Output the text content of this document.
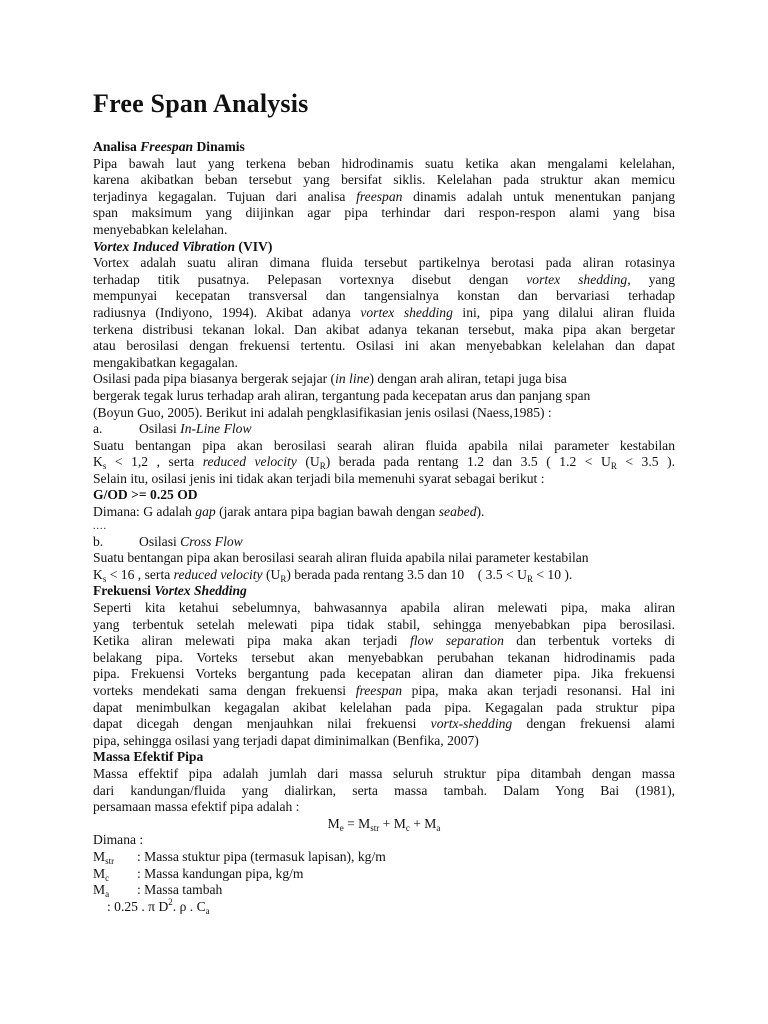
Free Span Analysis

Analisa Freespan Dinamis

Pipa bawah laut yang terkena beban hidrodinamis suatu ketika akan mengalami kelelahan,

karena akibatkan beban tersebut yang bersifat siklis. Kelelahan pada struktur akan memicu

terjadinya kegagalan. Tujuan dari analisa freespan dinamis adalah untuk menentukan panjang

span maksimum yang diijinkan agar pipa terhindar dari respon-respon alami yang bisa

menyebabkan kelelahan.

Vortex Induced Vibration (VIV)

Vortex adalah suatu aliran dimana fluida tersebut partikelnya berotasi pada aliran rotasinya

terhadap titik pusatnya. Pelepasan vortexnya disebut dengan vortex shedding, yang

mempunyai kecepatan transversal dan tangensialnya konstan dan bervariasi terhadap

radiusnya (Indiyono, 1994). Akibat adanya vortex shedding ini, pipa yang dilalui aliran fluida

terkena distribusi tekanan lokal. Dan akibat adanya tekanan tersebut, maka pipa akan bergetar

atau berosilasi dengan frekuensi tertentu. Osilasi ini akan menyebabkan kelelahan dan dapat

mengakibatkan kegagalan.

Osilasi pada pipa biasanya bergerak sejajar (in line) dengan arah aliran, tetapi juga bisa

bergerak tegak lurus terhadap arah aliran, tergantung pada kecepatan arus dan panjang span

(Boyun Guo, 2005). Berikut ini adalah pengklasifikasian jenis osilasi (Naess,1985) :

a.	Osilasi In-Line Flow

Suatu bentangan pipa akan berosilasi searah aliran fluida apabila nilai parameter kestabilan

$K_s < 1,2$ , serta reduced velocity $(U_R)$ berada pada rentang 1.2 dan 3.5 ( $1.2 < U_R < 3.5$ ).

Selain itu, osilasi jenis ini tidak akan terjadi bila memenuhi syarat sebagai berikut :

G/OD >= 0.25 OD

Dimana: G adalah gap (jarak antara pipa bagian bawah dengan seabed).

....

b.	Osilasi Cross Flow

Suatu bentangan pipa akan berosilasi searah aliran fluida apabila nilai parameter kestabilan

$K_s < 16$ , serta reduced velocity $(U_R)$ berada pada rentang 3.5 dan 10    ( $3.5 < U_R < 10$ ).

Frekuensi Vortex Shedding

Seperti kita ketahui sebelumnya, bahwasannya apabila aliran melewati pipa, maka aliran

yang terbentuk setelah melewati pipa tidak stabil, sehingga menyebabkan pipa berosilasi.

Ketika aliran melewati pipa maka akan terjadi flow separation dan terbentuk vorteks di

belakang pipa. Vorteks tersebut akan menyebabkan perubahan tekanan hidrodinamis pada

pipa. Frekuensi Vorteks bergantung pada kecepatan aliran dan diameter pipa. Jika frekuensi

vorteks mendekati sama dengan frekuensi freespan pipa, maka akan terjadi resonansi. Hal ini

dapat menimbulkan kegagalan akibat kelelahan pada pipa. Kegagalan pada struktur pipa

dapat dicegah dengan menjauhkan nilai frekuensi vortx-shedding dengan frekuensi alami

pipa, sehingga osilasi yang terjadi dapat diminimalkan (Benfika, 2007)

Massa Efektif Pipa

Massa effektif pipa adalah jumlah dari massa seluruh struktur pipa ditambah dengan massa

dari kandungan/fluida yang dialirkan, serta massa tambah. Dalam Yong Bai (1981),

persamaan massa efektif pipa adalah :

$M_e = M_{str} + M_c + M_a$

Dimana :

$M_{str}$	: Massa stuktur pipa (termasuk lapisan), kg/m

$M_c$	: Massa kandungan pipa, kg/m

$M_a$	: Massa tambah

: 0.25 . π $D^2$. ρ . $C_a$
